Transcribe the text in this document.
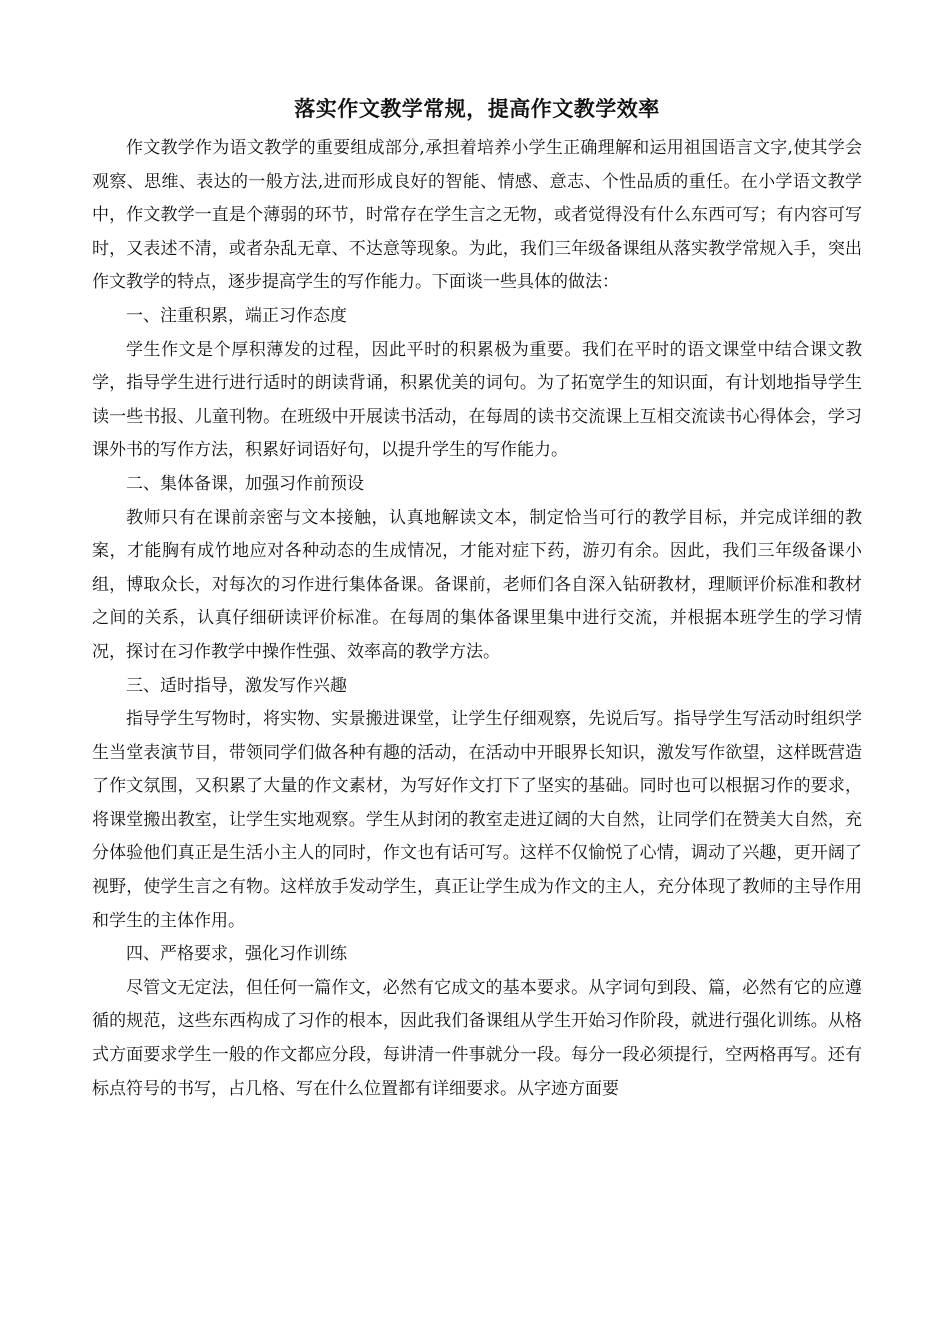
落实作文教学常规，提高作文教学效率

作文教学作为语文教学的重要组成部分,承担着培养小学生正确理解和运用祖国语言文字,使其学会观察、思维、表达的一般方法,进而形成良好的智能、情感、意志、个性品质的重任。在小学语文教学中，作文教学一直是个薄弱的环节，时常存在学生言之无物，或者觉得没有什么东西可写；有内容可写时，又表述不清，或者杂乱无章、不达意等现象。为此，我们三年级备课组从落实教学常规入手，突出作文教学的特点，逐步提高学生的写作能力。下面谈一些具体的做法：

一、注重积累，端正习作态度

学生作文是个厚积薄发的过程，因此平时的积累极为重要。我们在平时的语文课堂中结合课文教学，指导学生进行进行适时的朗读背诵，积累优美的词句。为了拓宽学生的知识面，有计划地指导学生读一些书报、儿童刊物。在班级中开展读书活动，在每周的读书交流课上互相交流读书心得体会，学习课外书的写作方法，积累好词语好句，以提升学生的写作能力。

二、集体备课，加强习作前预设

教师只有在课前亲密与文本接触，认真地解读文本，制定恰当可行的教学目标，并完成详细的教案，才能胸有成竹地应对各种动态的生成情况，才能对症下药，游刃有余。因此，我们三年级备课小组，博取众长，对每次的习作进行集体备课。备课前，老师们各自深入钻研教材，理顺评价标准和教材之间的关系，认真仔细研读评价标准。在每周的集体备课里集中进行交流，并根据本班学生的学习情况，探讨在习作教学中操作性强、效率高的教学方法。

三、适时指导，激发写作兴趣

指导学生写物时，将实物、实景搬进课堂，让学生仔细观察，先说后写。指导学生写活动时组织学生当堂表演节目，带领同学们做各种有趣的活动，在活动中开眼界长知识，激发写作欲望，这样既营造了作文氛围，又积累了大量的作文素材，为写好作文打下了坚实的基础。同时也可以根据习作的要求，将课堂搬出教室，让学生实地观察。学生从封闭的教室走进辽阔的大自然，让同学们在赞美大自然，充分体验他们真正是生活小主人的同时，作文也有话可写。这样不仅愉悦了心情，调动了兴趣，更开阔了视野，使学生言之有物。这样放手发动学生，真正让学生成为作文的主人，充分体现了教师的主导作用和学生的主体作用。

四、严格要求，强化习作训练

尽管文无定法，但任何一篇作文，必然有它成文的基本要求。从字词句到段、篇，必然有它的应遵循的规范，这些东西构成了习作的根本，因此我们备课组从学生开始习作阶段，就进行强化训练。从格式方面要求学生一般的作文都应分段，每讲清一件事就分一段。每分一段必须提行，空两格再写。还有标点符号的书写，占几格、写在什么位置都有详细要求。从字迹方面要
